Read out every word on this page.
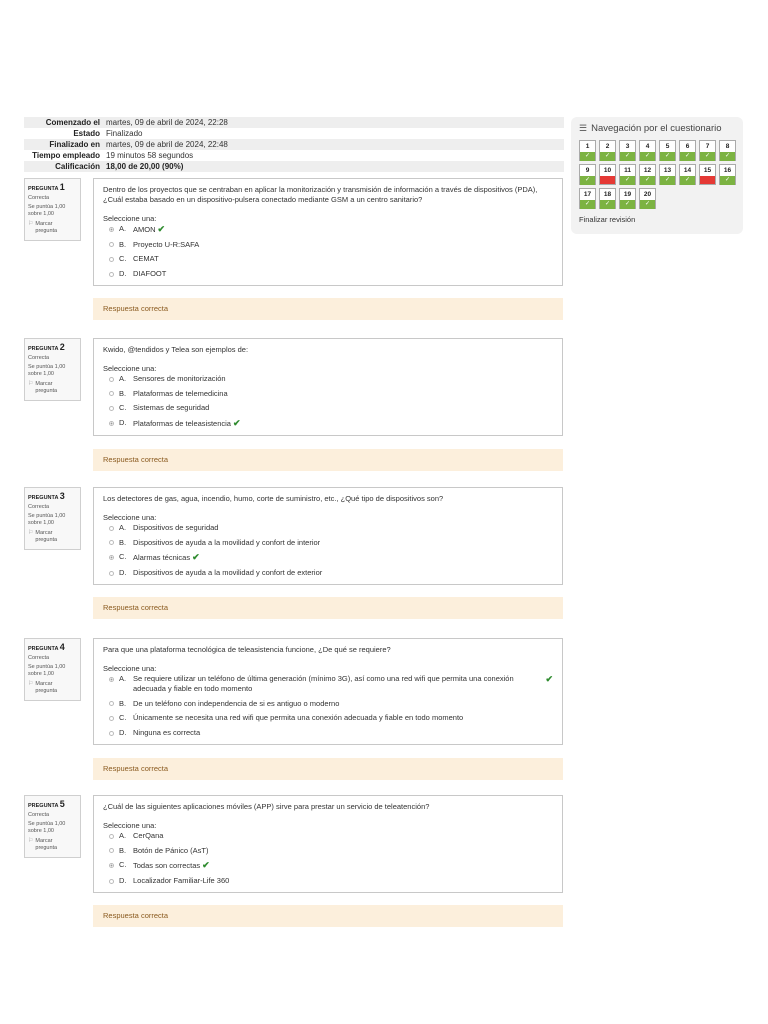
Comenzado el martes, 09 de abril de 2024, 22:28
Estado Finalizado
Finalizado en martes, 09 de abril de 2024, 22:48
Tiempo empleado 19 minutos 58 segundos
Calificación 18,00 de 20,00 (90%)
☰ Navegación por el cuestionario
1
✓
2
✓
3
✓
4
✓
5
✓
6
✓
7
✓
8
✓
9
✓
10	11
✓
12
✓
13
✓
14
✓
15	16
✓
17
✓
18
✓
19
✓
20
✓
Finalizar revisión
PREGUNTA 1
Correcta
Se puntúa 1,00
sobre 1,00
⚐ Marcar
pregunta
Dentro de los proyectos que se centraban en aplicar la monitorización y transmisión de información a través de dispositivos (PDA), ¿Cuál estaba basado en un dispositivo-pulsera conectado mediante GSM a un centro sanitario?
Seleccione una:
A. AMON ✔
B. Proyecto U-R:SAFA
C. CEMAT
D. DIAFOOT
Respuesta correcta
PREGUNTA 2
Correcta
Se puntúa 1,00
sobre 1,00
⚐ Marcar
pregunta
Kwido, @tendidos y Telea son ejemplos de:
Seleccione una:
A. Sensores de monitorización
B. Plataformas de telemedicina
C. Sistemas de seguridad
D. Plataformas de teleasistencia ✔
Respuesta correcta
PREGUNTA 3
Correcta
Se puntúa 1,00
sobre 1,00
⚐ Marcar
pregunta
Los detectores de gas, agua, incendio, humo, corte de suministro, etc., ¿Qué tipo de dispositivos son?
Seleccione una:
A. Dispositivos de seguridad
B. Dispositivos de ayuda a la movilidad y confort de interior
C. Alarmas técnicas ✔
D. Dispositivos de ayuda a la movilidad y confort de exterior
Respuesta correcta
PREGUNTA 4
Correcta
Se puntúa 1,00
sobre 1,00
⚐ Marcar
pregunta
Para que una plataforma tecnológica de teleasistencia funcione, ¿De qué se requiere?
Seleccione una:
A. Se requiere utilizar un teléfono de última generación (mínimo 3G), así como una red wifi que permita una conexión adecuada y fiable en todo momento
✔
B. De un teléfono con independencia de si es antiguo o moderno
C. Únicamente se necesita una red wifi que permita una conexión adecuada y fiable en todo momento
D. Ninguna es correcta
Respuesta correcta
PREGUNTA 5
Correcta
Se puntúa 1,00
sobre 1,00
⚐ Marcar
pregunta
¿Cuál de las siguientes aplicaciones móviles (APP) sirve para prestar un servicio de teleatención?
Seleccione una:
A. CerQana
B. Botón de Pánico (AsT)
C. Todas son correctas ✔
D. Localizador Familiar-Life 360
Respuesta correcta
